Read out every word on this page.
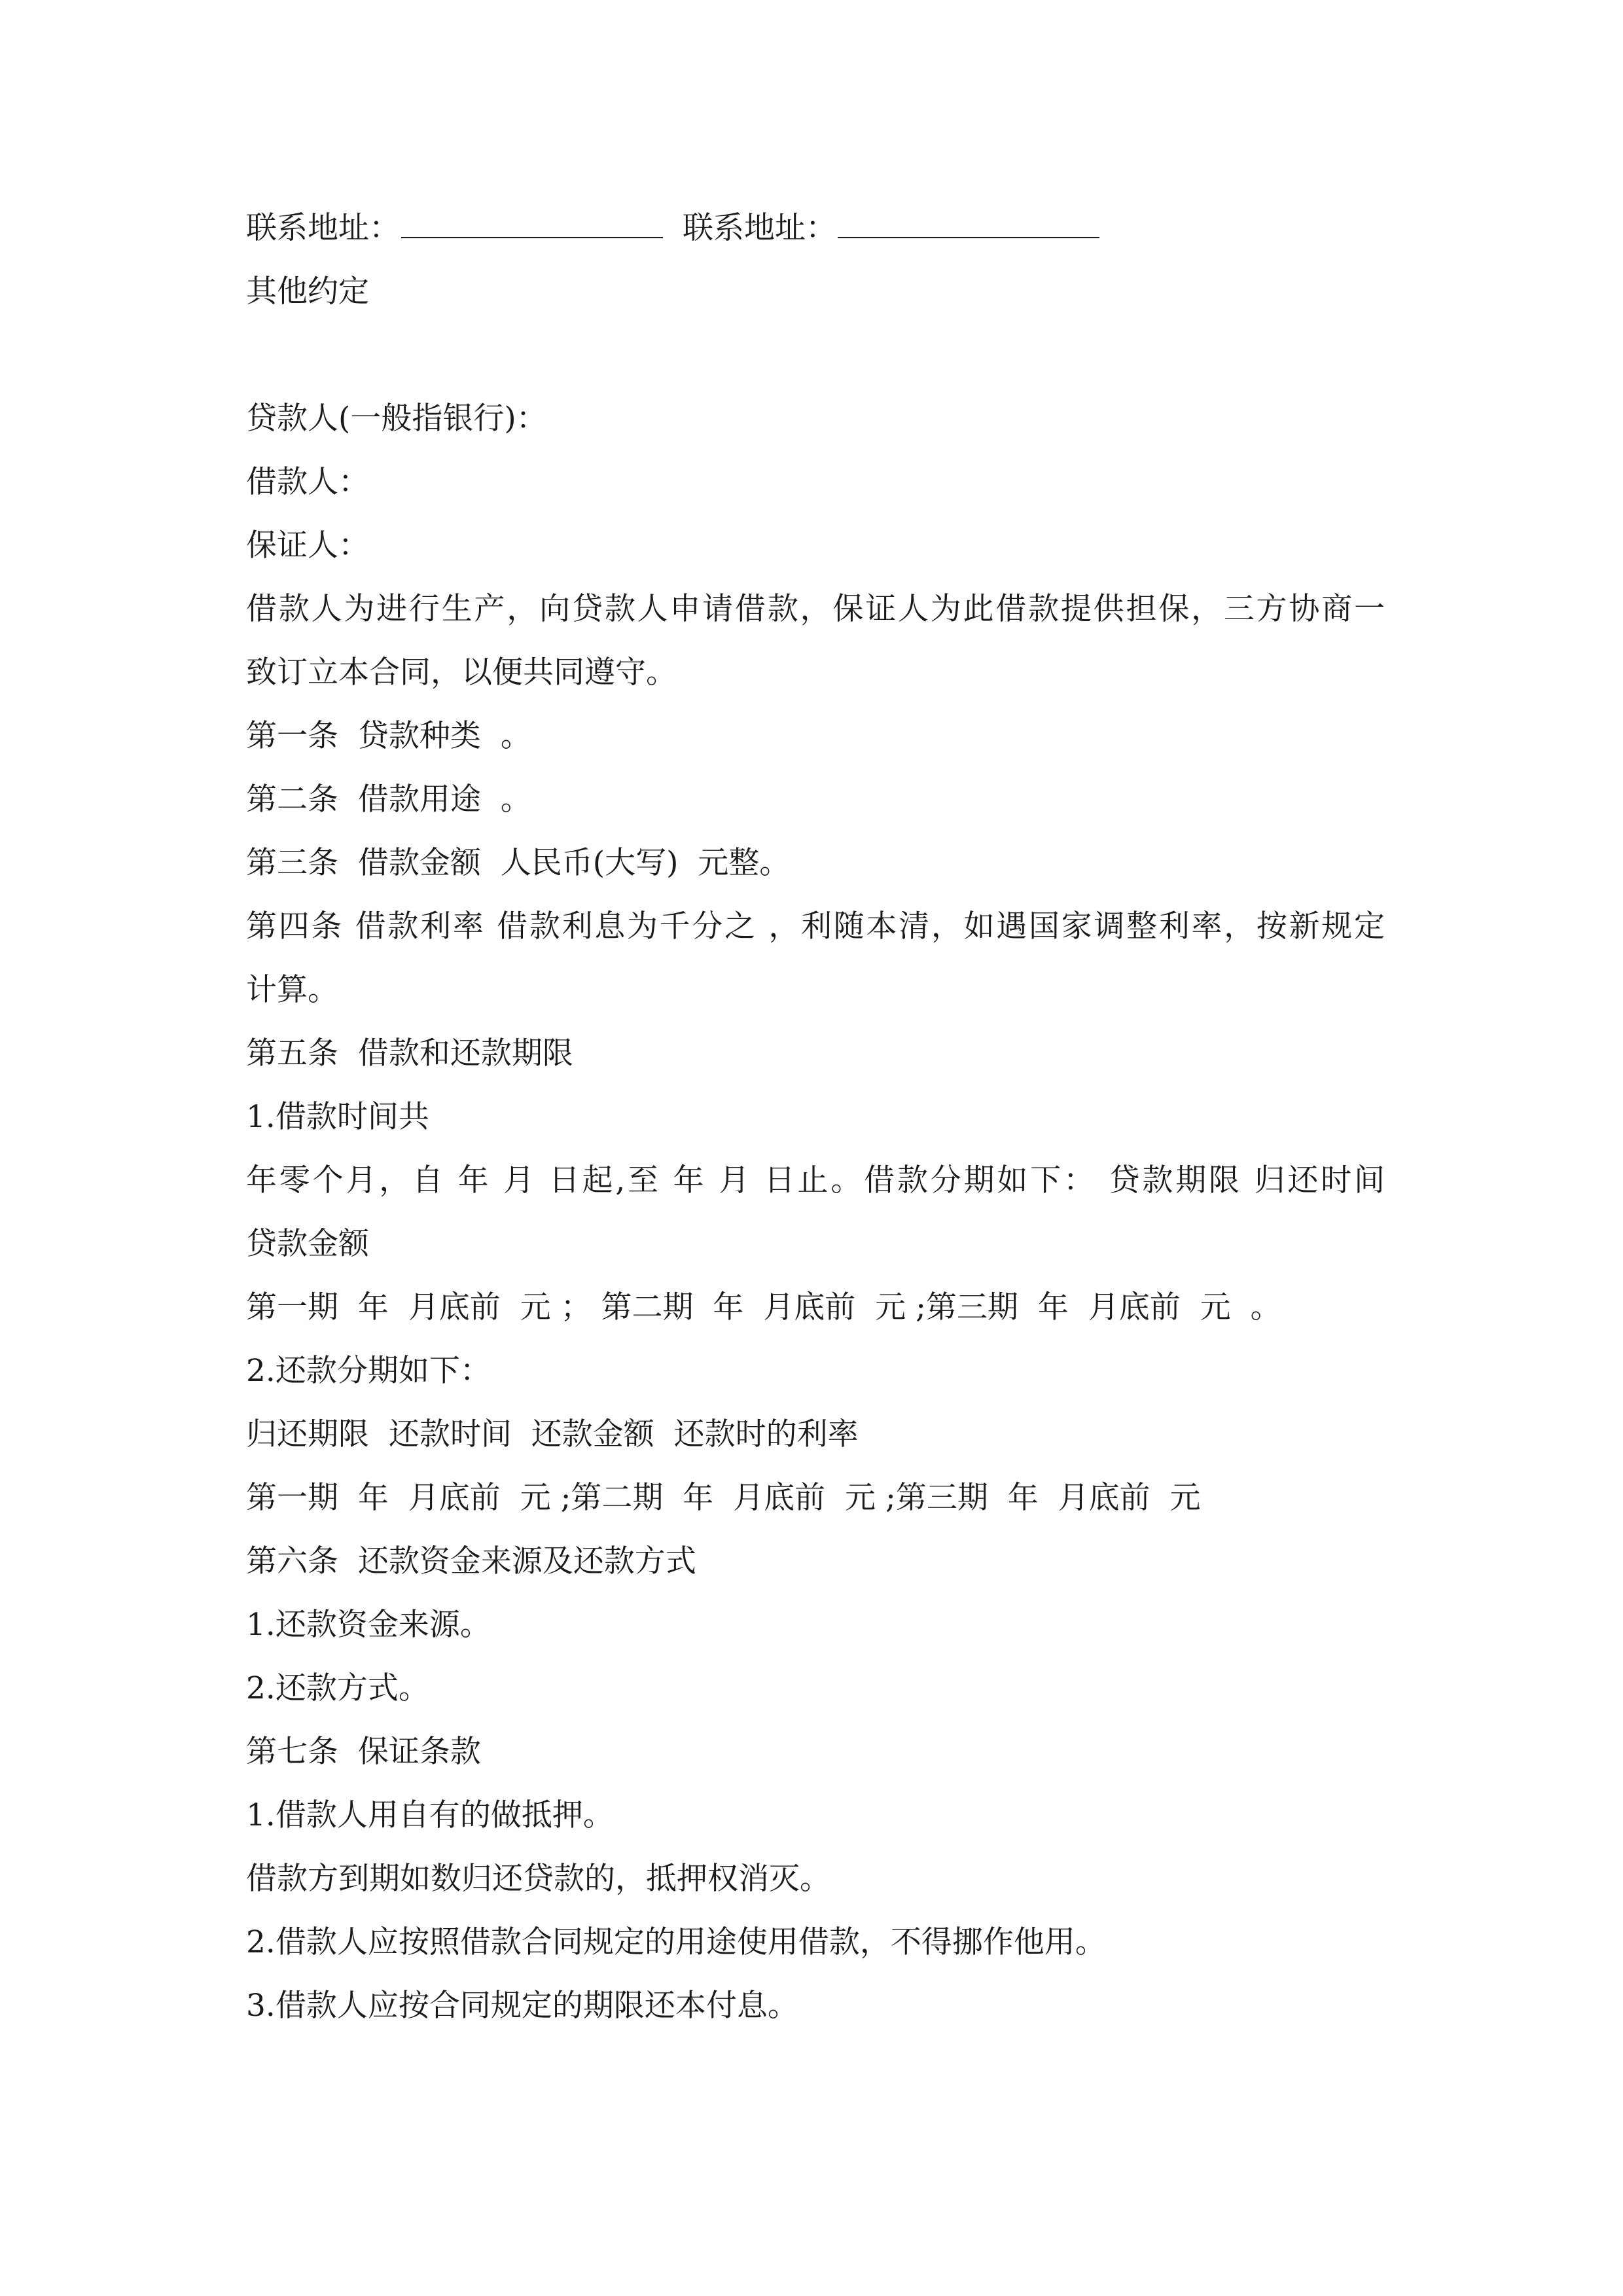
联系地址：	联系地址：
其他约定
贷款人(一般指银行)：
借款人：
保证人：
借款人为进行生产，向贷款人申请借款，保证人为此借款提供担保，三方协商一
致订立本合同，以便共同遵守。
第一条  贷款种类  。
第二条  借款用途  。
第三条  借款金额  人民币(大写)  元整。
第四条 借款利率 借款利息为千分之 ，利随本清，如遇国家调整利率，按新规定
计算。
第五条  借款和还款期限
1.借款时间共
年零个月，自 年 月 日起,至 年 月 日止。借款分期如下： 贷款期限 归还时间
贷款金额
第一期  年  月底前  元 ； 第二期  年  月底前  元 ;第三期  年  月底前  元  。
2.还款分期如下：
归还期限  还款时间  还款金额  还款时的利率
第一期  年  月底前  元 ;第二期  年  月底前  元 ;第三期  年  月底前  元
第六条  还款资金来源及还款方式
1.还款资金来源。
2.还款方式。
第七条  保证条款
1.借款人用自有的做抵押。
借款方到期如数归还贷款的，抵押权消灭。
2.借款人应按照借款合同规定的用途使用借款，不得挪作他用。
3.借款人应按合同规定的期限还本付息。
